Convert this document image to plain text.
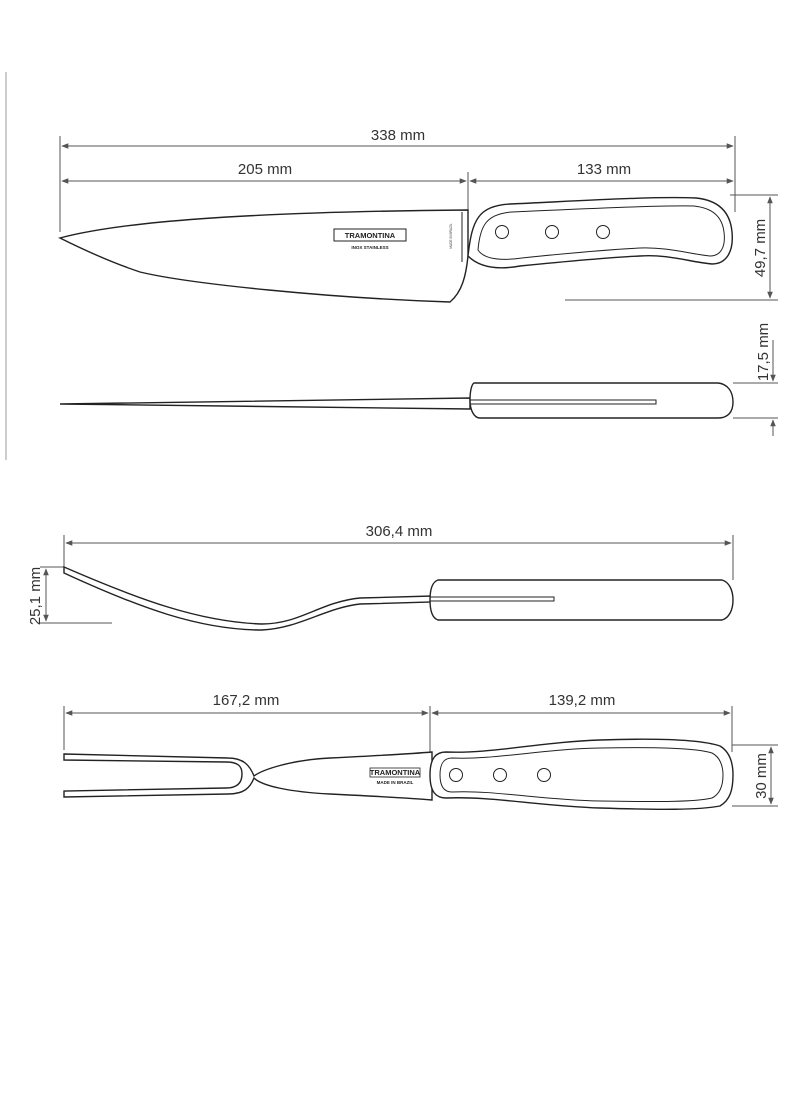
338 mm
205 mm	133 mm
49,7 mm
TRAMONTINA
INOX STAINLESS	MADE IN BRAZIL
17,5 mm
306,4 mm
25,1 mm
167,2 mm	139,2 mm
30 mm
TRAMONTINA
MADE IN BRAZIL
